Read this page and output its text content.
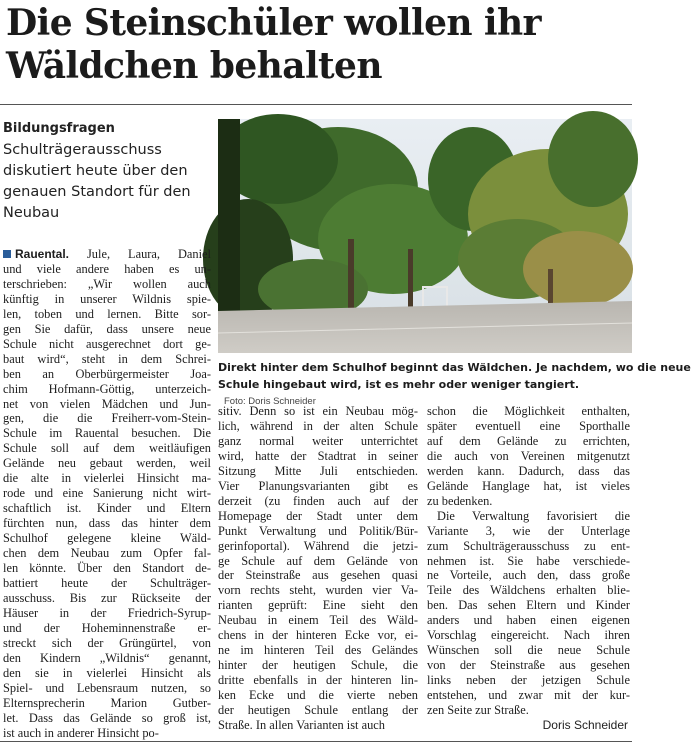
Die Steinschüler wollen ihr
Wäldchen behalten
Bildungsfragen
Schulträgerausschuss
diskutiert heute über den
genauen Standort für den
Neubau
Direkt hinter dem Schulhof beginnt das Wäldchen. Je nachdem, wo die neue
Schule hingebaut wird, ist es mehr oder weniger tangiert.
Foto: Doris Schneider
Rauental. Jule, Laura, Daniel
und viele andere haben es un-
terschrieben: „Wir wollen auch
künftig in unserer Wildnis spie-
len, toben und lernen. Bitte sor-
gen Sie dafür, dass unsere neue
Schule nicht ausgerechnet dort ge-
baut wird“, steht in dem Schrei-
ben an Oberbürgermeister Joa-
chim Hofmann-Göttig, unterzeich-
net von vielen Mädchen und Jun-
gen, die die Freiherr-vom-Stein-
Schule im Rauental besuchen. Die
Schule soll auf dem weitläufigen
Gelände neu gebaut werden, weil
die alte in vielerlei Hinsicht ma-
rode und eine Sanierung nicht wirt-
schaftlich ist. Kinder und Eltern
fürchten nun, dass das hinter dem
Schulhof gelegene kleine Wäld-
chen dem Neubau zum Opfer fal-
len könnte. Über den Standort de-
battiert heute der Schulträger-
ausschuss. Bis zur Rückseite der
Häuser in der Friedrich-Syrup-
und der Hoheminnenstraße er-
streckt sich der Grüngürtel, von
den Kindern „Wildnis“ genannt,
den sie in vielerlei Hinsicht als
Spiel- und Lebensraum nutzen, so
Elternsprecherin Marion Gutber-
let. Dass das Gelände so groß ist,
ist auch in anderer Hinsicht po-
sitiv. Denn so ist ein Neubau mög-
lich, während in der alten Schule
ganz normal weiter unterrichtet
wird, hatte der Stadtrat in seiner
Sitzung Mitte Juli entschieden.
Vier Planungsvarianten gibt es
derzeit (zu finden auch auf der
Homepage der Stadt unter dem
Punkt Verwaltung und Politik/Bür-
gerinfoportal). Während die jetzi-
ge Schule auf dem Gelände von
der Steinstraße aus gesehen quasi
vorn rechts steht, wurden vier Va-
rianten geprüft: Eine sieht den
Neubau in einem Teil des Wäld-
chens in der hinteren Ecke vor, ei-
ne im hinteren Teil des Geländes
hinter der heutigen Schule, die
dritte ebenfalls in der hinteren lin-
ken Ecke und die vierte neben
der heutigen Schule entlang der
Straße. In allen Varianten ist auch
schon die Möglichkeit enthalten,
später eventuell eine Sporthalle
auf dem Gelände zu errichten,
die auch von Vereinen mitgenutzt
werden kann. Dadurch, dass das
Gelände Hanglage hat, ist vieles
zu bedenken.
Die Verwaltung favorisiert die
Variante 3, wie der Unterlage
zum Schulträgerausschuss zu ent-
nehmen ist. Sie habe verschiede-
ne Vorteile, auch den, dass große
Teile des Wäldchens erhalten blie-
ben. Das sehen Eltern und Kinder
anders und haben einen eigenen
Vorschlag eingereicht. Nach ihren
Wünschen soll die neue Schule
von der Steinstraße aus gesehen
links neben der jetzigen Schule
entstehen, und zwar mit der kur-
zen Seite zur Straße.
Doris Schneider
